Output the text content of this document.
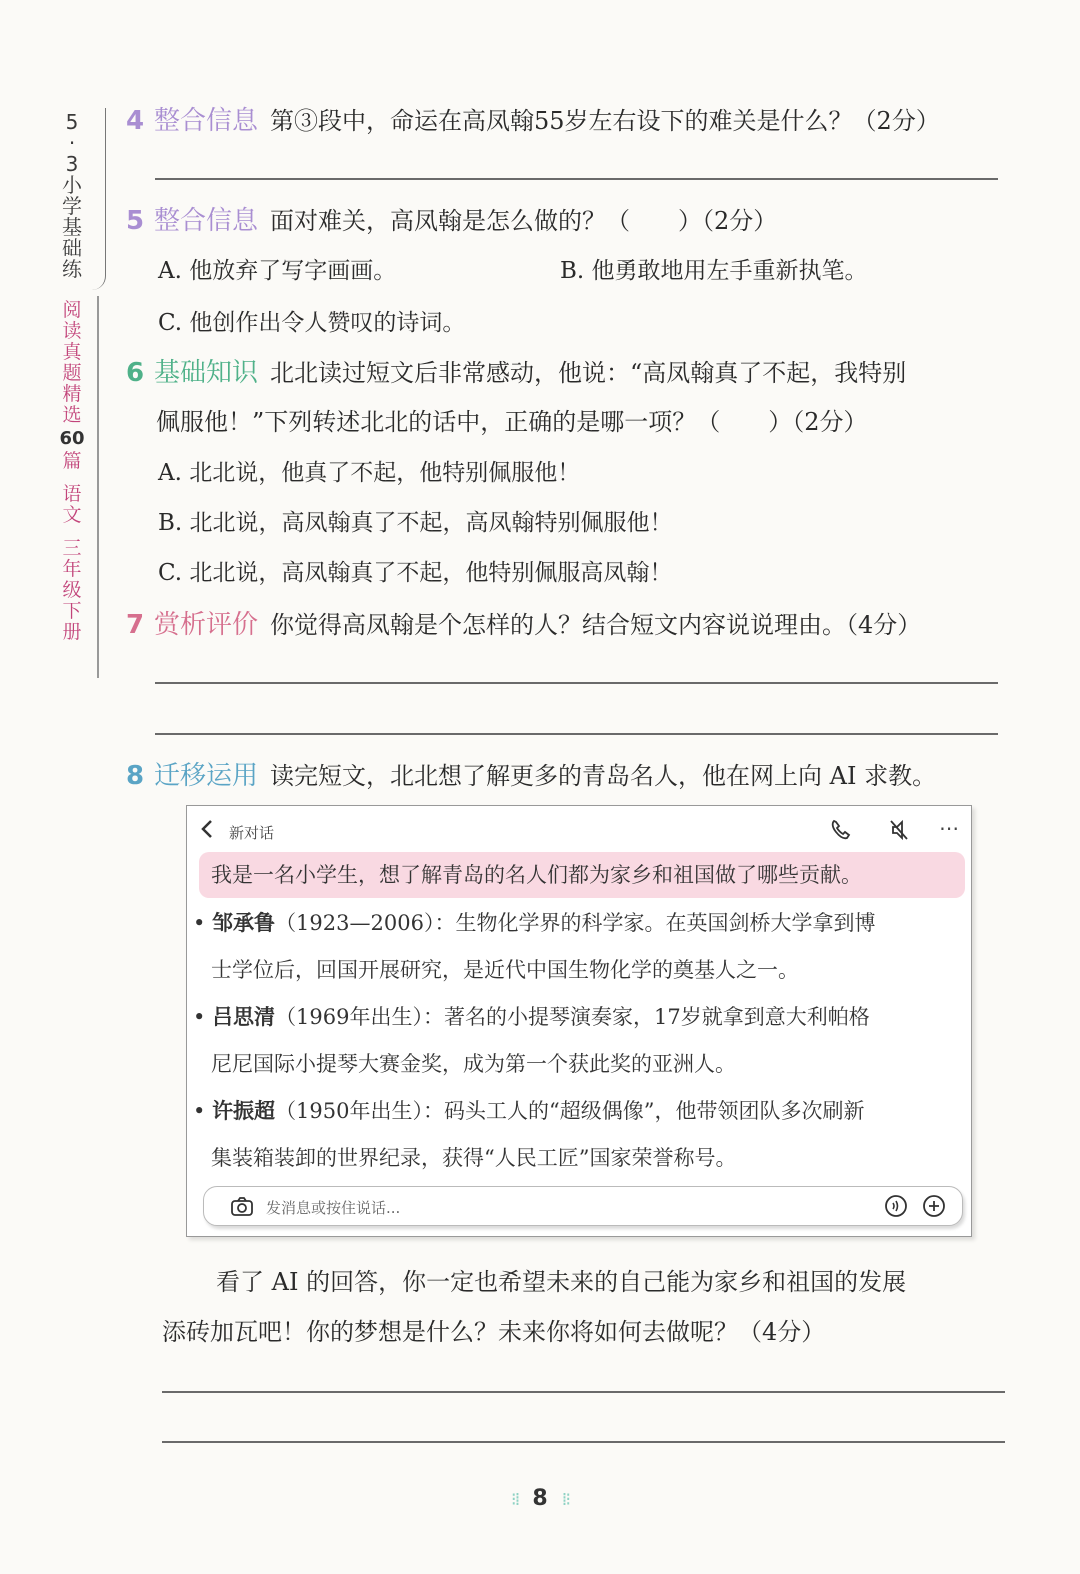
5
·
3
小
学
基
础
练
阅
读
真
题
精
选
60
篇
语
文
三
年
级
下
册
4 整合信息 第③段中，命运在高凤翰55岁左右设下的难关是什么？（2分）
5 整合信息 面对难关，高凤翰是怎么做的？（　　）（2分）
A. 他放弃了写字画画。	B. 他勇敢地用左手重新执笔。
C. 他创作出令人赞叹的诗词。
6 基础知识 北北读过短文后非常感动，他说：“高凤翰真了不起，我特别
佩服他！”下列转述北北的话中，正确的是哪一项？（　　）（2分）
A. 北北说，他真了不起，他特别佩服他！
B. 北北说，高凤翰真了不起，高凤翰特别佩服他！
C. 北北说，高凤翰真了不起，他特别佩服高凤翰！
7 赏析评价 你觉得高凤翰是个怎样的人？结合短文内容说说理由。（4分）
8 迁移运用 读完短文，北北想了解更多的青岛名人，他在网上向 AI 求教。
新对话	⋯
我是一名小学生，想了解青岛的名人们都为家乡和祖国做了哪些贡献。
• 邹承鲁（1923—2006）：生物化学界的科学家。在英国剑桥大学拿到博
士学位后，回国开展研究，是近代中国生物化学的奠基人之一。
• 吕思清（1969年出生）：著名的小提琴演奏家，17岁就拿到意大利帕格
尼尼国际小提琴大赛金奖，成为第一个获此奖的亚洲人。
• 许振超（1950年出生）：码头工人的“超级偶像”，他带领团队多次刷新
集装箱装卸的世界纪录，获得“人民工匠”国家荣誉称号。
发消息或按住说话...
看了 AI 的回答，你一定也希望未来的自己能为家乡和祖国的发展
添砖加瓦吧！你的梦想是什么？未来你将如何去做呢？（4分）
⁝⁞ 8 ⁞⁝
